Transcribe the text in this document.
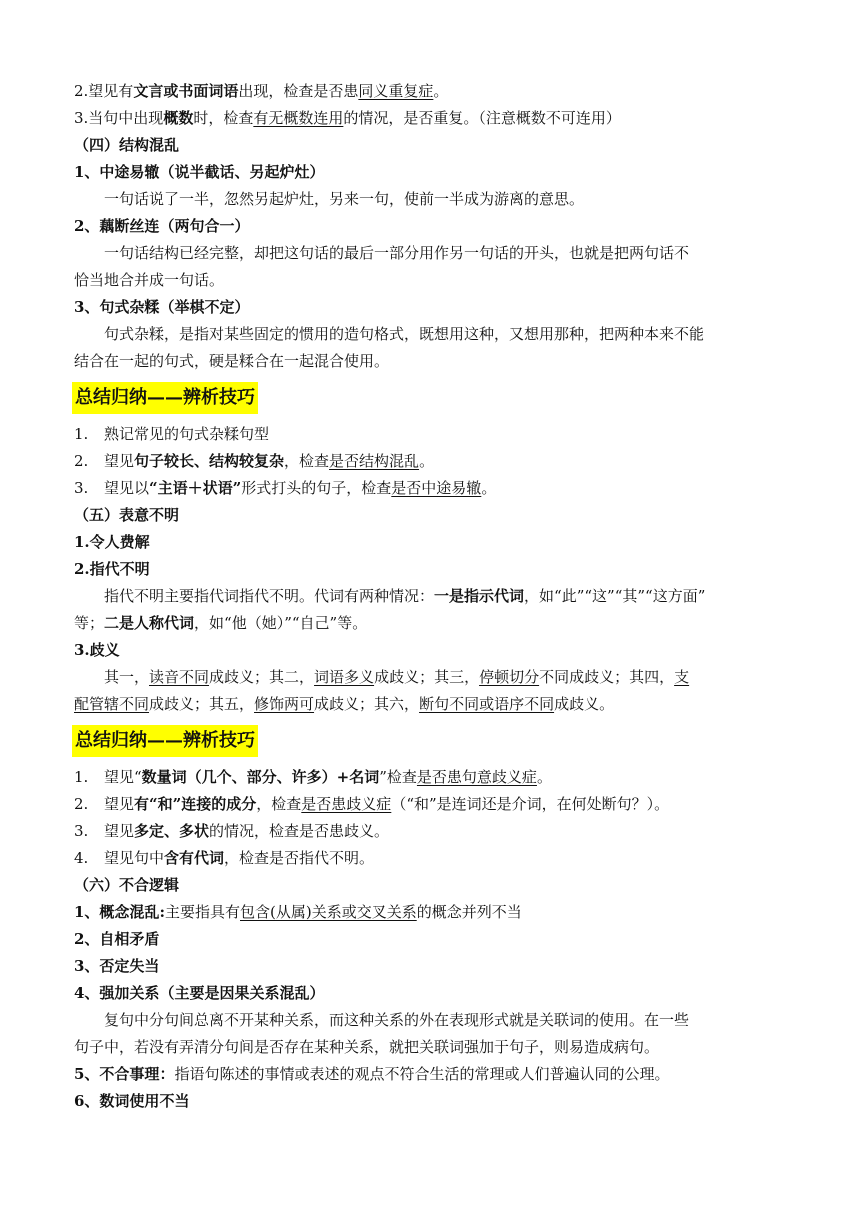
2.望见有文言或书面词语出现，检查是否患同义重复症。
3.当句中出现概数时，检查有无概数连用的情况，是否重复。（注意概数不可连用）
（四）结构混乱
1、中途易辙（说半截话、另起炉灶）
一句话说了一半，忽然另起炉灶，另来一句，使前一半成为游离的意思。
2、藕断丝连（两句合一）
一句话结构已经完整，却把这句话的最后一部分用作另一句话的开头，也就是把两句话不
恰当地合并成一句话。
3、句式杂糅（举棋不定）
句式杂糅，是指对某些固定的惯用的造句格式，既想用这种，又想用那种，把两种本来不能
结合在一起的句式，硬是糅合在一起混合使用。
总结归纳——辨析技巧
1. 熟记常见的句式杂糅句型
2. 望见句子较长、结构较复杂，检查是否结构混乱。
3. 望见以“主语＋状语”形式打头的句子，检查是否中途易辙。
（五）表意不明
1.令人费解
2.指代不明
指代不明主要指代词指代不明。代词有两种情况：一是指示代词，如“此”“这”“其”“这方面”
等；二是人称代词，如“他（她）”“自己”等。
3.歧义
其一，读音不同成歧义；其二，词语多义成歧义；其三，停顿切分不同成歧义；其四，支
配管辖不同成歧义；其五，修饰两可成歧义；其六，断句不同或语序不同成歧义。
总结归纳——辨析技巧
1. 望见“数量词（几个、部分、许多）+名词”检查是否患句意歧义症。
2. 望见有“和”连接的成分，检查是否患歧义症（“和”是连词还是介词，在何处断句？）。
3. 望见多定、多状的情况，检查是否患歧义。
4. 望见句中含有代词，检查是否指代不明。
（六）不合逻辑
1、概念混乱:主要指具有包含(从属)关系或交叉关系的概念并列不当
2、自相矛盾
3、否定失当
4、强加关系（主要是因果关系混乱）
复句中分句间总离不开某种关系，而这种关系的外在表现形式就是关联词的使用。在一些
句子中，若没有弄清分句间是否存在某种关系，就把关联词强加于句子，则易造成病句。
5、不合事理：指语句陈述的事情或表述的观点不符合生活的常理或人们普遍认同的公理。
6、数词使用不当
